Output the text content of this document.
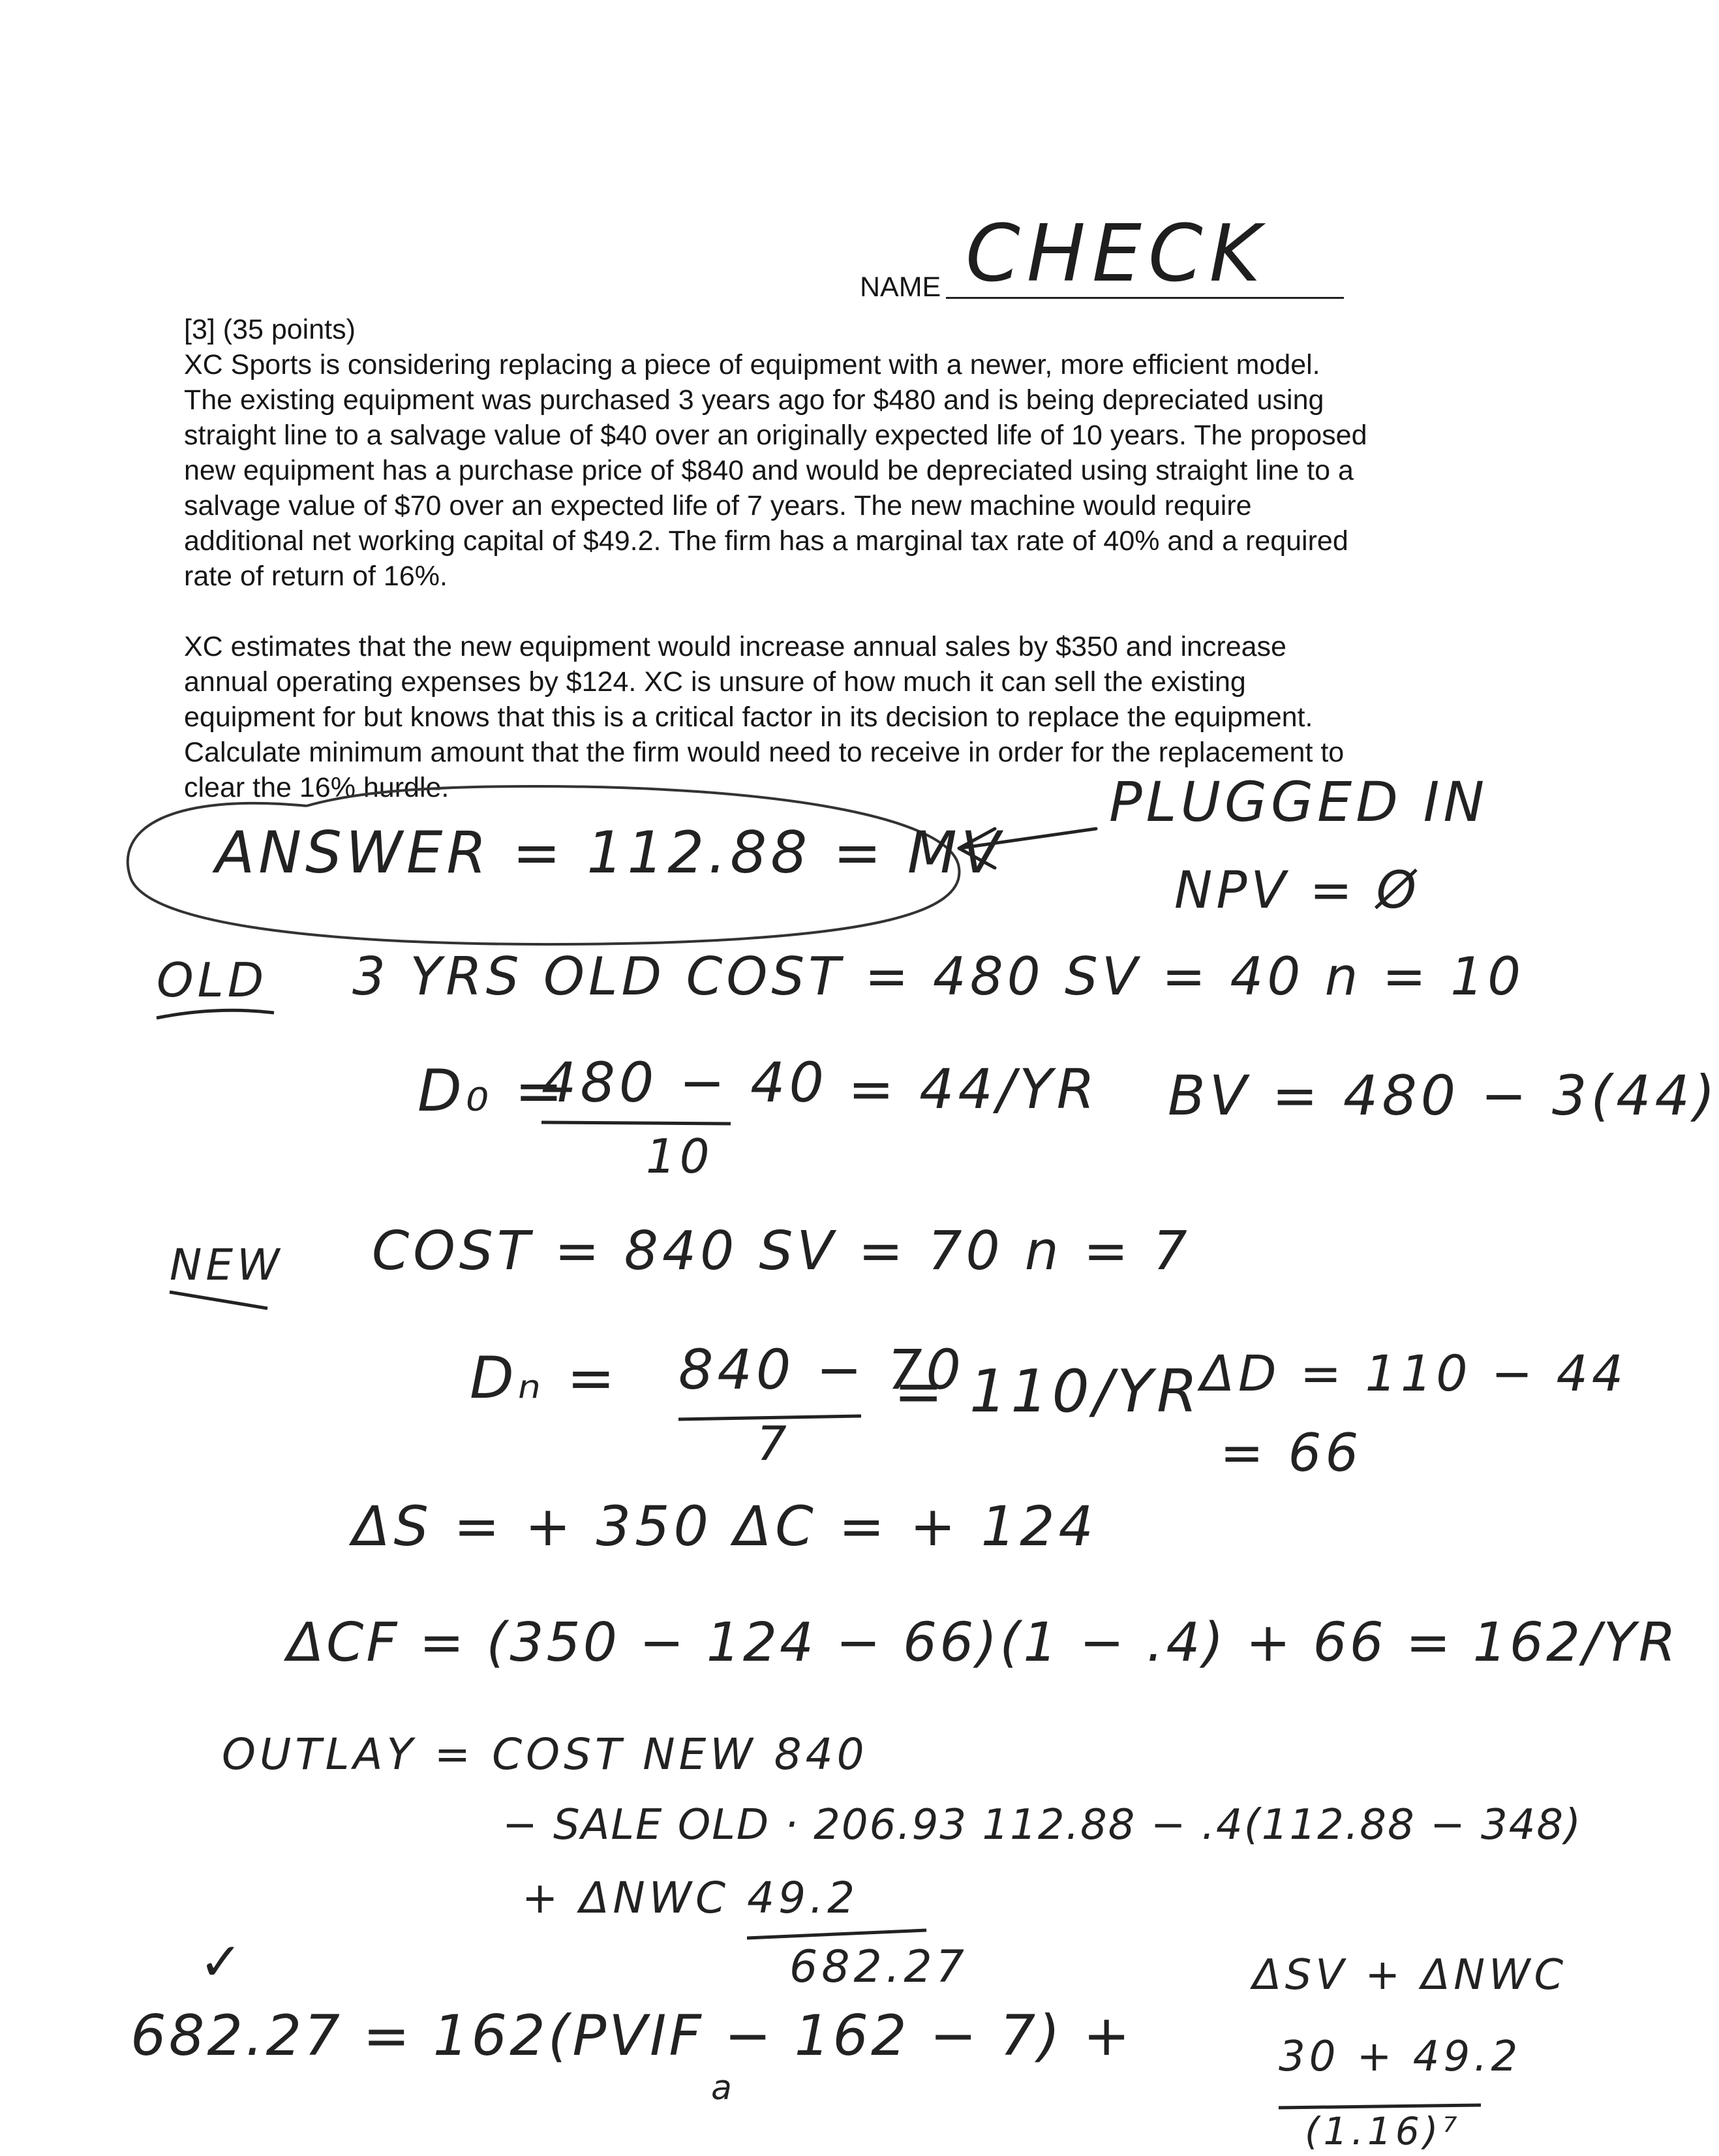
NAME CHECK
[3] (35 points)
XC Sports is considering replacing a piece of equipment with a newer, more efficient model.
The existing equipment was purchased 3 years ago for $480 and is being depreciated using
straight line to a salvage value of $40 over an originally expected life of 10 years. The proposed
new equipment has a purchase price of $840 and would be depreciated using straight line to a
salvage value of $70 over an expected life of 7 years. The new machine would require
additional net working capital of $49.2. The firm has a marginal tax rate of 40% and a required
rate of return of 16%.
XC estimates that the new equipment would increase annual sales by $350 and increase
annual operating expenses by $124. XC is unsure of how much it can sell the existing
equipment for but knows that this is a critical factor in its decision to replace the equipment.
Calculate minimum amount that the firm would need to receive in order for the replacement to
clear the 16% hurdle.
ANSWER = 112.88 = MV
PLUGGED IN
NPV = Ø
OLD 3 YRS OLD COST = 480 SV = 40 n = 10
D₀ =
480 − 40
10
= 44/YR BV = 480 − 3(44)
NEW COST = 840 SV = 70 n = 7
Dₙ = 840 − 70
7
= 110/YR
ΔD = 110 − 44
= 66
ΔS = + 350 ΔC = + 124
ΔCF = (350 − 124 − 66)(1 − .4) + 66 = 162/YR
OUTLAY = COST NEW 840
− SALE OLD · 206.93 112.88 − .4(112.88 − 348)
+ ΔNWC 49.2
682.27
✓	ΔSV + ΔNWC
682.27 = 162(PVIF − 162 − 7) +
a
30 + 49.2
(1.16)⁷
